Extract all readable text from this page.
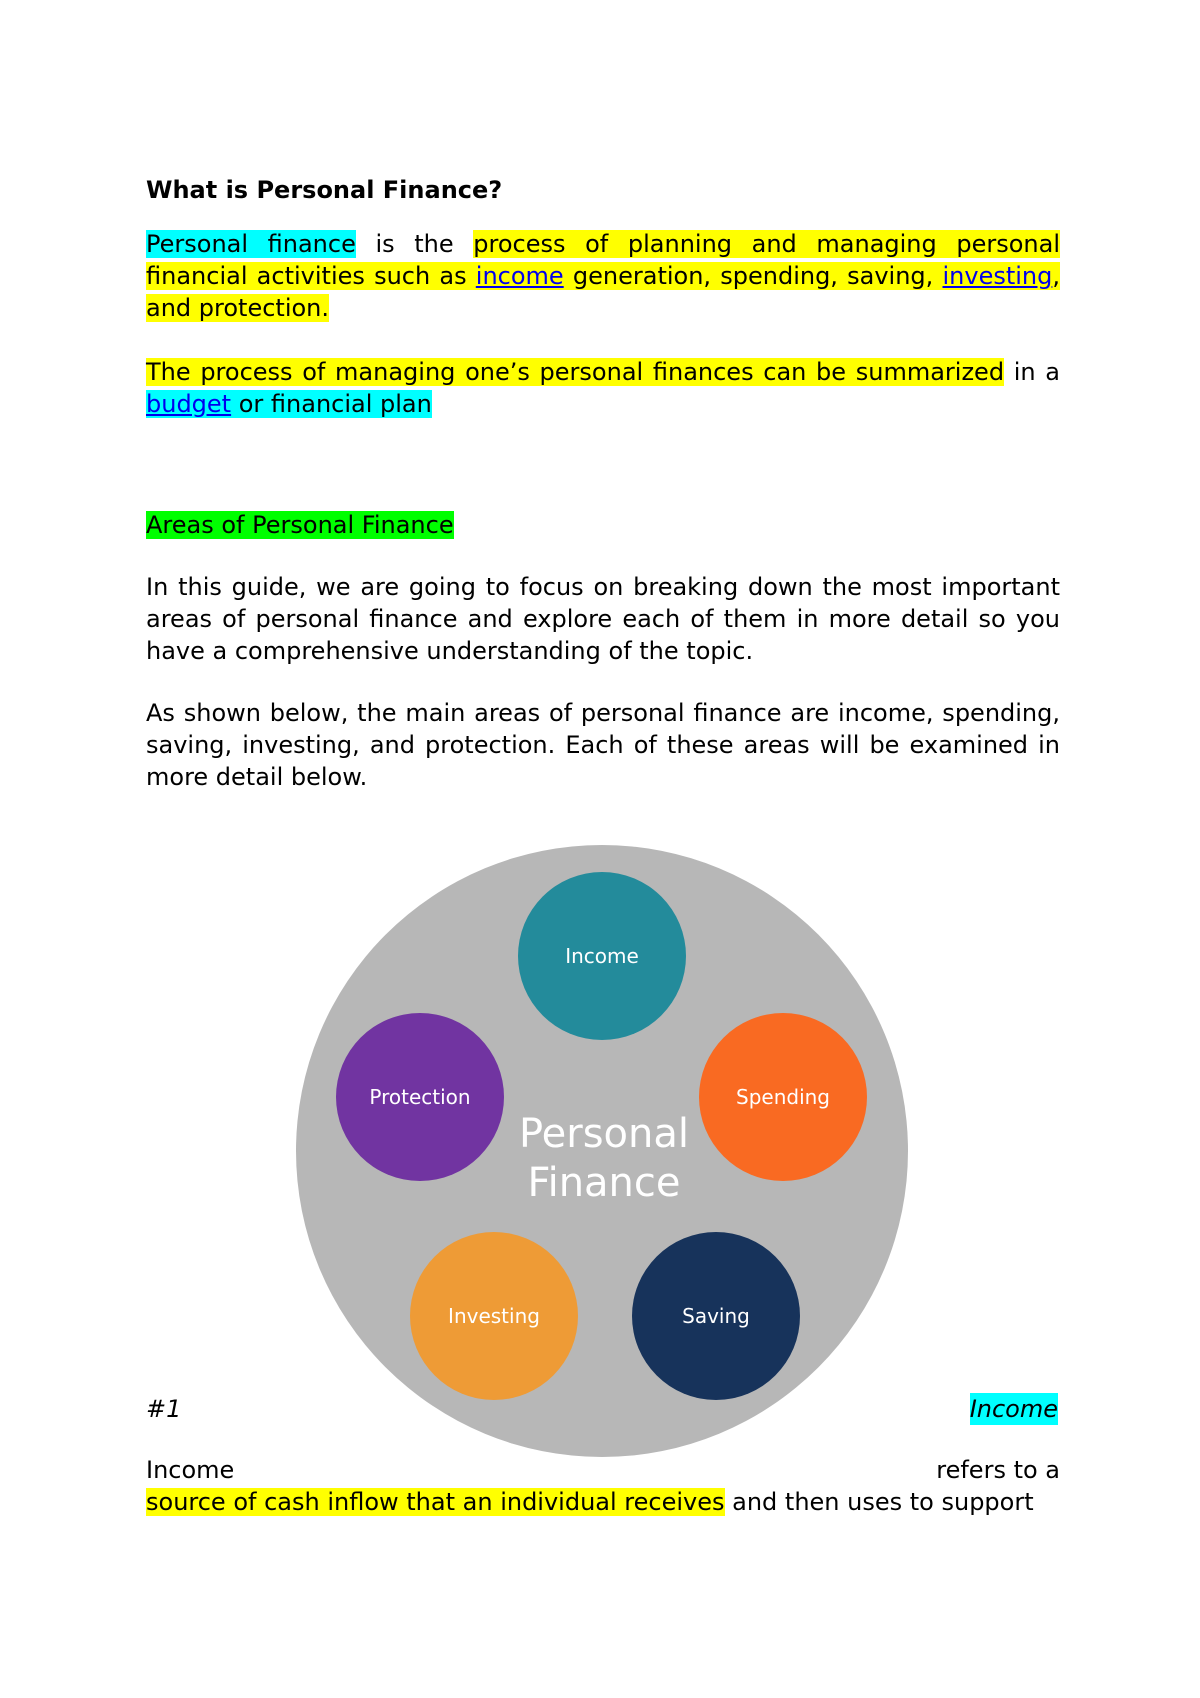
What is Personal Finance?
Personal finance is the process of planning and managing personal financial activities such as income generation, spending, saving, investing, and protection.
The process of managing one’s personal finances can be summarized in a budget or financial plan
Areas of Personal Finance
In this guide, we are going to focus on breaking down the most important areas of personal finance and explore each of them in more detail so you have a comprehensive understanding of the topic.
As shown below, the main areas of personal finance are income, spending, saving, investing, and protection. Each of these areas will be examined in more detail below.
Personal
Finance
Income
Spending
Saving
Investing
Protection
#1	Income
Income	refers to a
source of cash inflow that an individual receives and then uses to support
